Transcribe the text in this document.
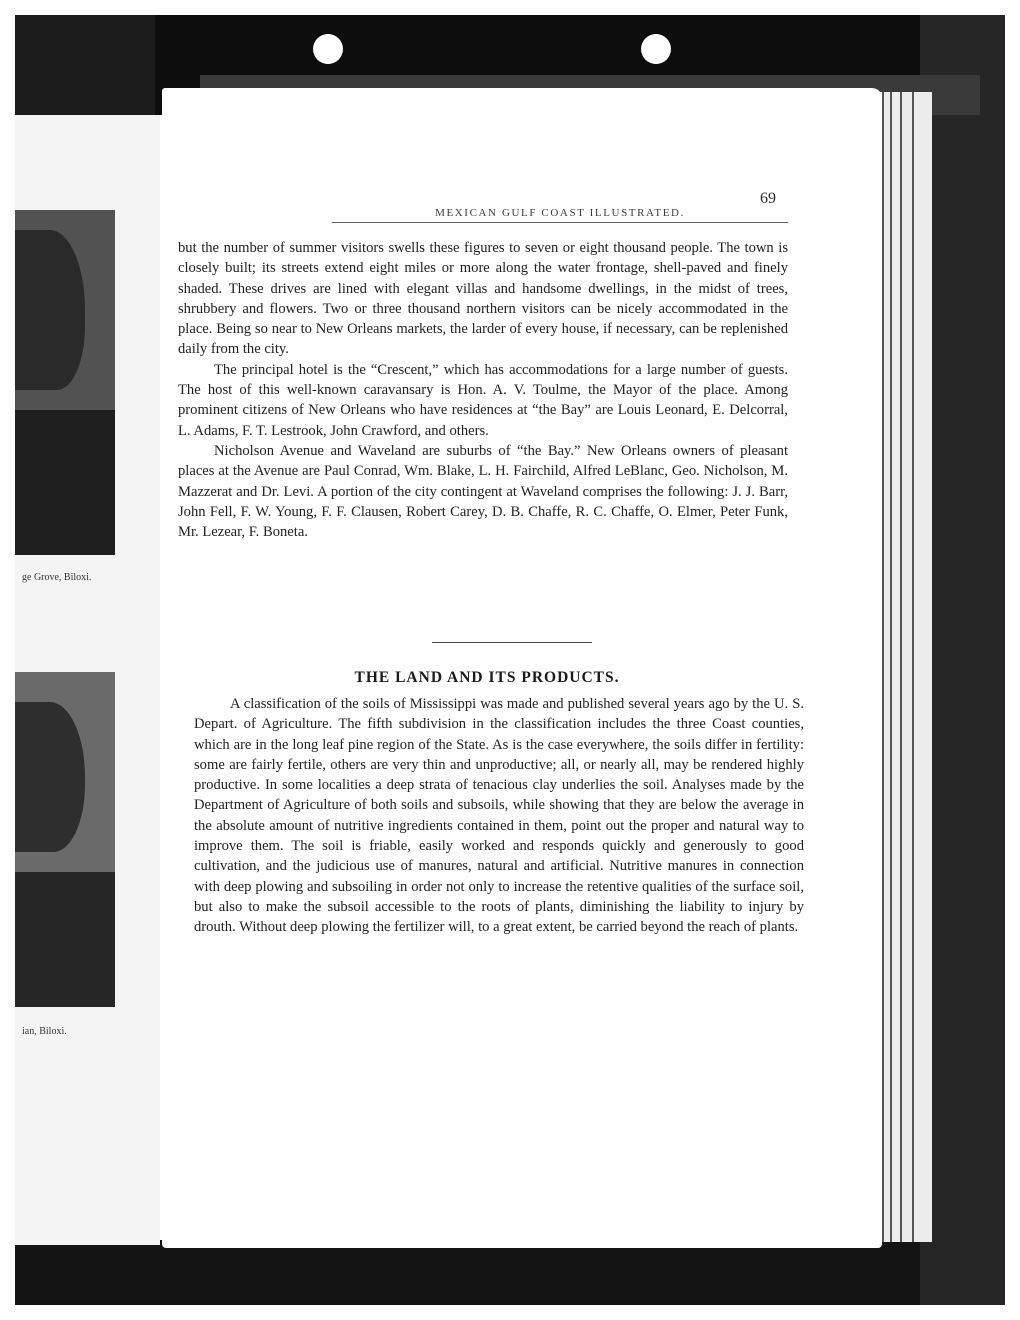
ge Grove, Biloxi.
ian, Biloxi.
MEXICAN GULF COAST ILLUSTRATED.
69

but the number of summer visitors swells these figures to seven or eight thousand people. The town is closely built; its streets extend eight miles or more along the water frontage, shell-paved and finely shaded. These drives are lined with elegant villas and handsome dwellings, in the midst of trees, shrubbery and flowers. Two or three thousand northern visitors can be nicely accommodated in the place. Being so near to New Orleans markets, the larder of every house, if necessary, can be replenished daily from the city.

The principal hotel is the “Crescent,” which has accommodations for a large number of guests. The host of this well-known caravansary is Hon. A. V. Toulme, the Mayor of the place. Among prominent citizens of New Orleans who have residences at “the Bay” are Louis Leonard, E. Delcorral, L. Adams, F. T. Lestrook, John Crawford, and others.

Nicholson Avenue and Waveland are suburbs of “the Bay.” New Orleans owners of pleasant places at the Avenue are Paul Conrad, Wm. Blake, L. H. Fairchild, Alfred LeBlanc, Geo. Nicholson, M. Mazzerat and Dr. Levi. A portion of the city contingent at Waveland comprises the following: J. J. Barr, John Fell, F. W. Young, F. F. Clausen, Robert Carey, D. B. Chaffe, R. C. Chaffe, O. Elmer, Peter Funk, Mr. Lezear, F. Boneta.

THE LAND AND ITS PRODUCTS.

A classification of the soils of Mississippi was made and published several years ago by the U. S. Depart. of Agriculture. The fifth subdivision in the classification includes the three Coast counties, which are in the long leaf pine region of the State. As is the case everywhere, the soils differ in fertility: some are fairly fertile, others are very thin and unproductive; all, or nearly all, may be rendered highly productive. In some localities a deep strata of tenacious clay underlies the soil. Analyses made by the Department of Agriculture of both soils and subsoils, while showing that they are below the average in the absolute amount of nutritive ingredients contained in them, point out the proper and natural way to improve them. The soil is friable, easily worked and responds quickly and generously to good cultivation, and the judicious use of manures, natural and artificial. Nutritive manures in connection with deep plowing and subsoiling in order not only to increase the retentive qualities of the surface soil, but also to make the subsoil accessible to the roots of plants, diminishing the liability to injury by drouth. Without deep plowing the fertilizer will, to a great extent, be carried beyond the reach of plants.
